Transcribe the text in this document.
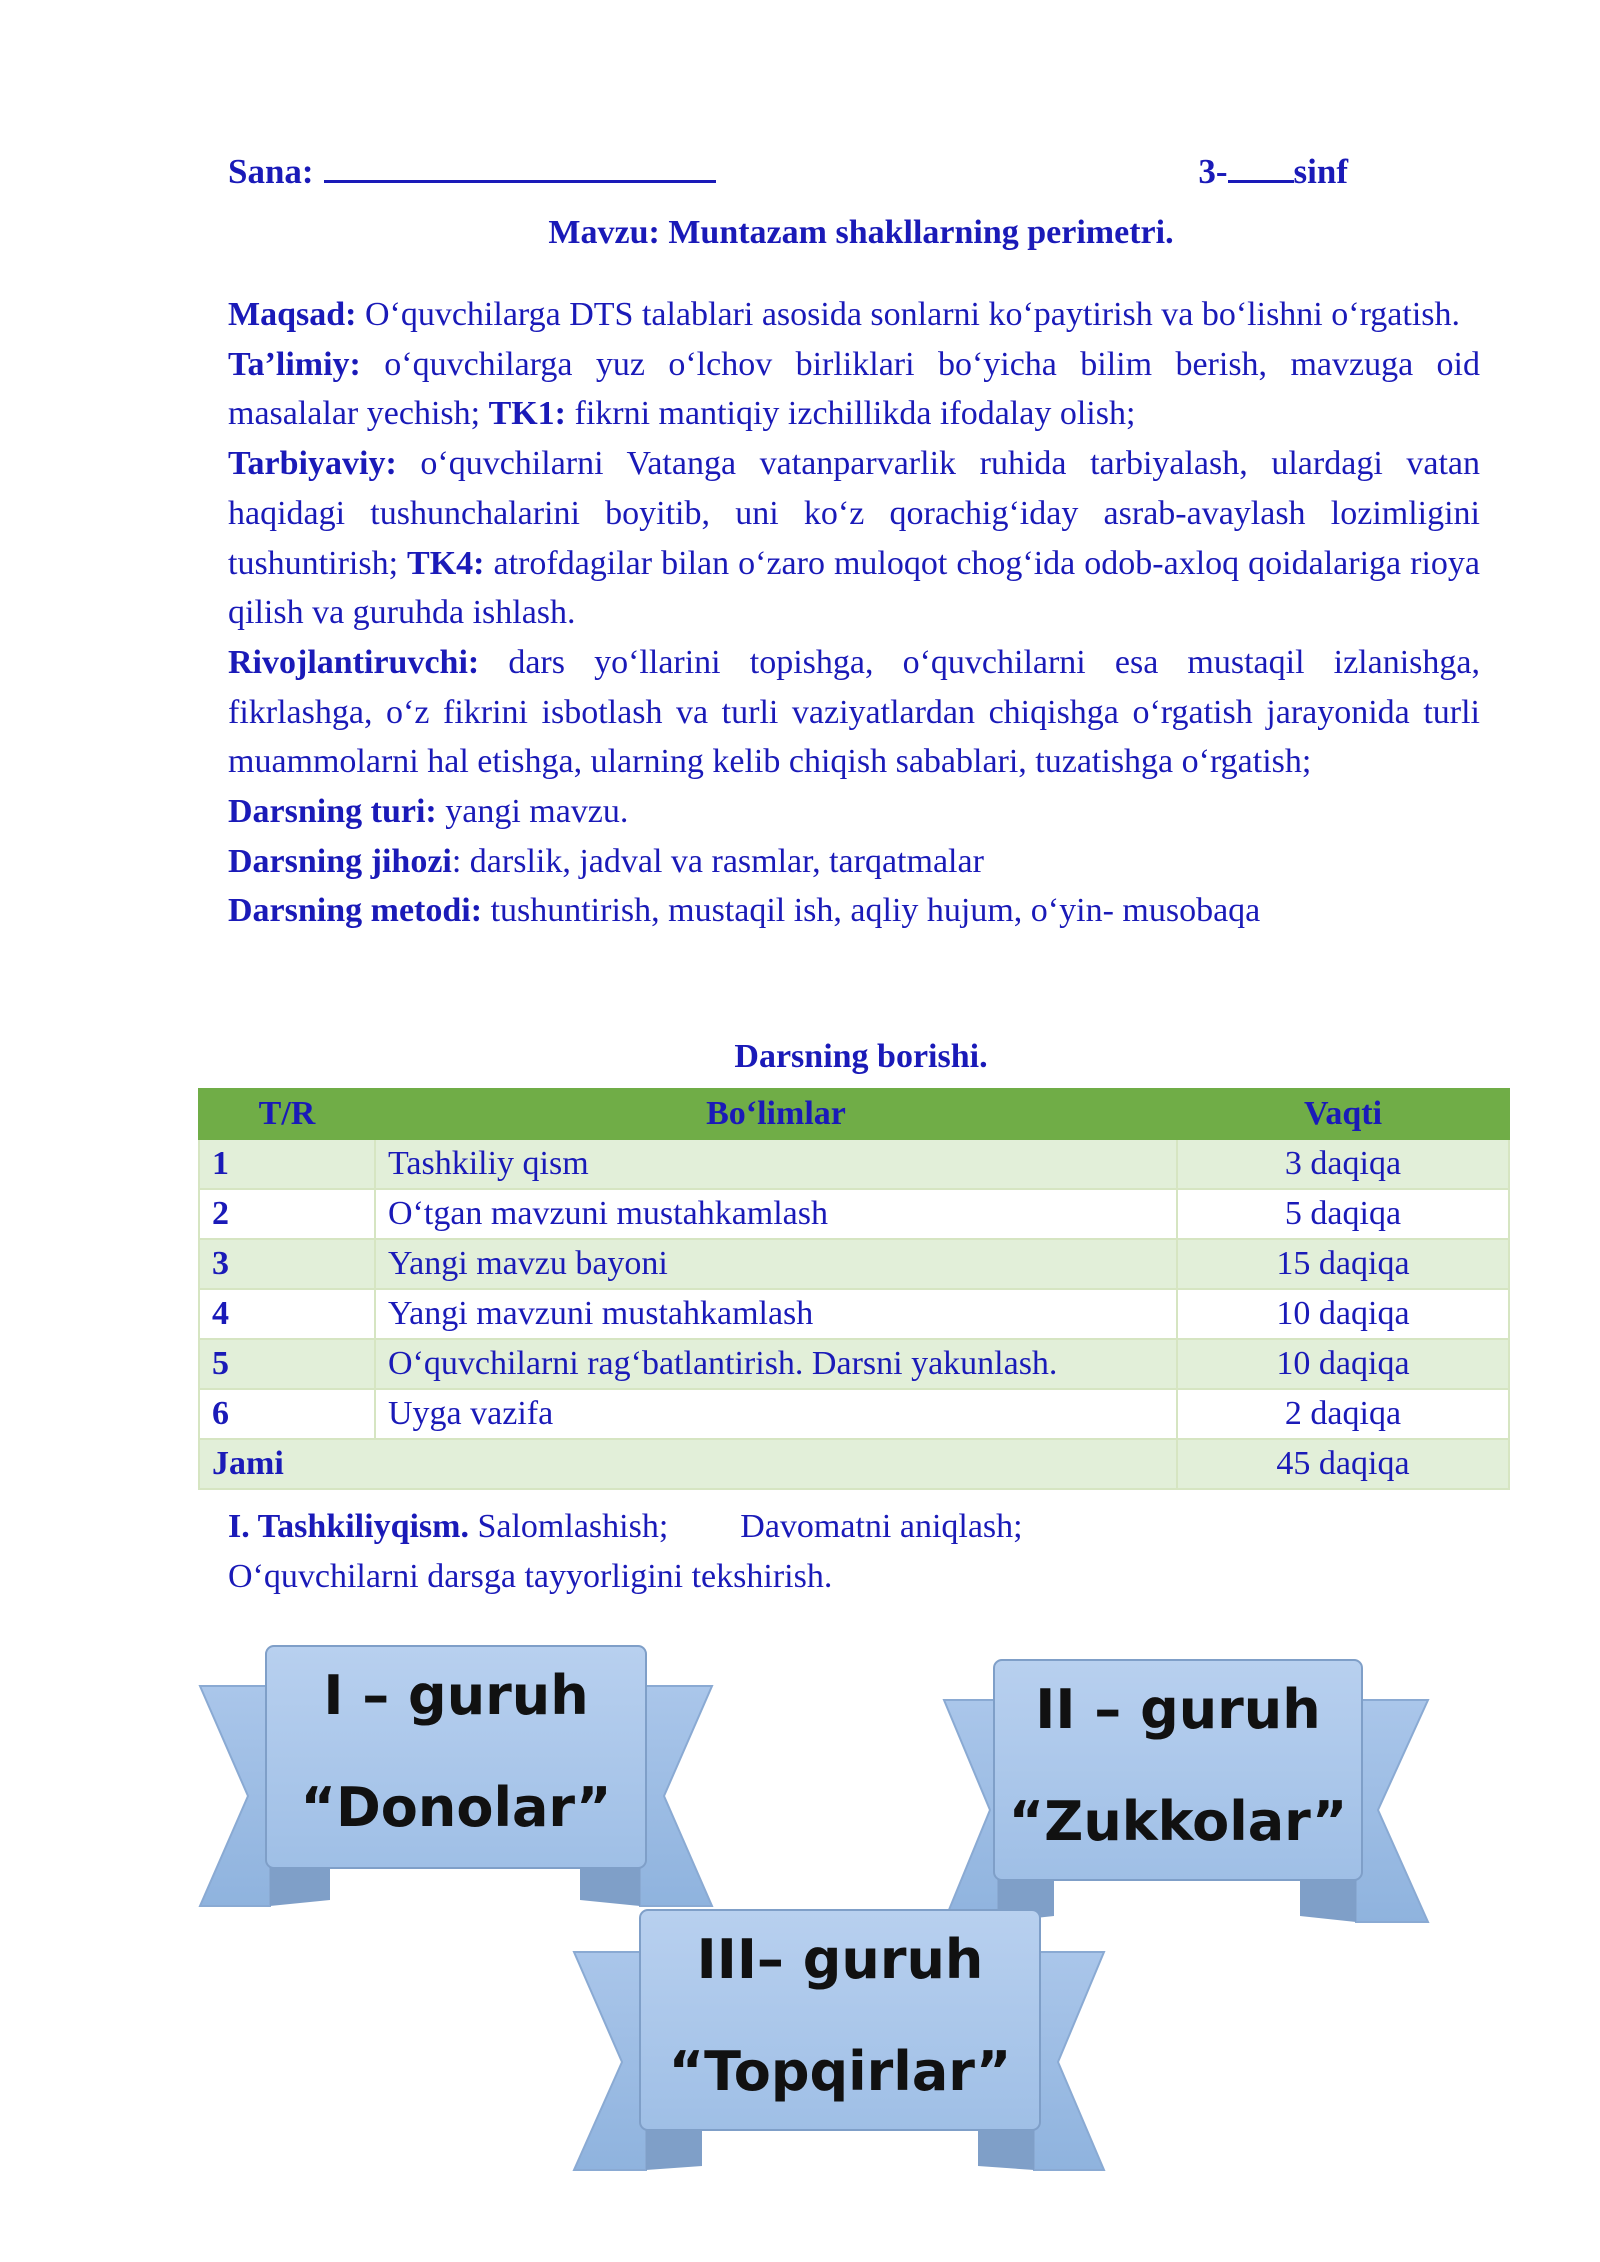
Sana:	3- sinf
Mavzu: Muntazam shakllarning perimetri.

Maqsad: O‘quvchilarga DTS talablari asosida sonlarni ko‘paytirish va bo‘lishni o‘rgatish.

Ta’limiy: o‘quvchilarga yuz o‘lchov birliklari bo‘yicha bilim berish, mavzuga oid masalalar yechish; TK1: fikrni mantiqiy izchillikda ifodalay olish;

Tarbiyaviy: o‘quvchilarni Vatanga vatanparvarlik ruhida tarbiyalash, ulardagi vatan haqidagi tushunchalarini boyitib, uni ko‘z qorachig‘iday asrab-avaylash lozimligini tushuntirish; TK4: atrofdagilar bilan o‘zaro muloqot chog‘ida odob-axloq qoidalariga rioya qilish va guruhda ishlash.

Rivojlantiruvchi: dars yo‘llarini topishga, o‘quvchilarni esa mustaqil izlanishga, fikrlashga, o‘z fikrini isbotlash va turli vaziyatlardan chiqishga o‘rgatish jarayonida turli muammolarni hal etishga, ularning kelib chiqish sabablari, tuzatishga o‘rgatish;

Darsning turi: yangi mavzu.

Darsning jihozi: darslik, jadval va rasmlar, tarqatmalar

Darsning metodi: tushuntirish, mustaqil ish, aqliy hujum, o‘yin- musobaqa

Darsning borishi.
T/R	Bo‘limlar	Vaqti
1	Tashkiliy qism	3 daqiqa
2	O‘tgan mavzuni mustahkamlash	5 daqiqa
3	Yangi mavzu bayoni	15 daqiqa
4	Yangi mavzuni mustahkamlash	10 daqiqa
5	O‘quvchilarni rag‘batlantirish. Darsni yakunlash.	10 daqiqa
6	Uyga vazifa	2 daqiqa
Jami		45 daqiqa

I. Tashkiliyqism. Salomlashish; Davomatni aniqlash;

O‘quvchilarni darsga tayyorligini tekshirish.

I – guruh
“Donolar”
II – guruh
“Zukkolar”
III– guruh
“Topqirlar”
